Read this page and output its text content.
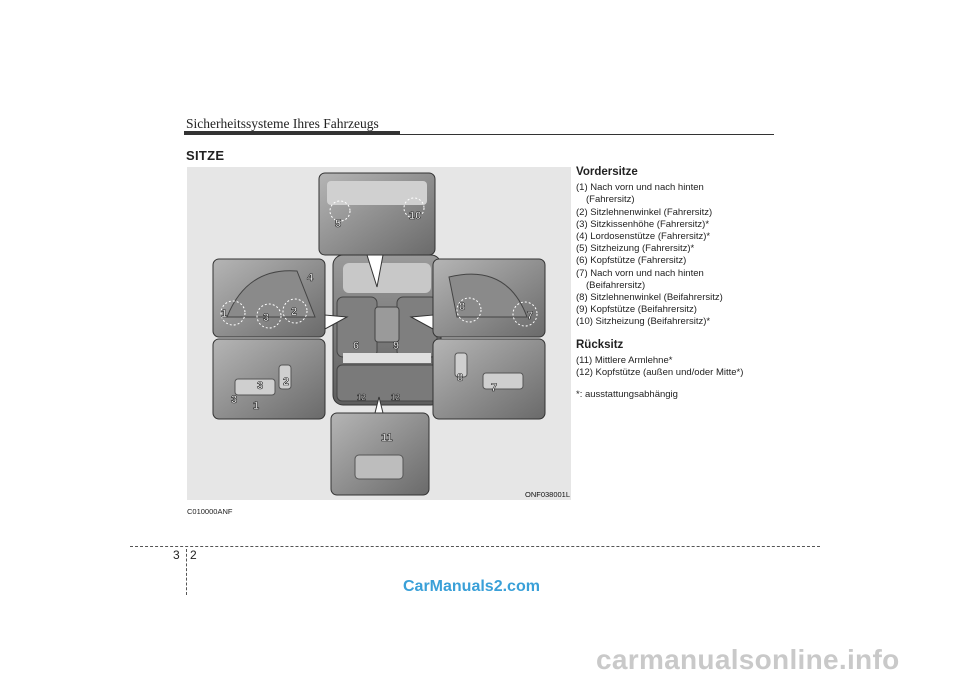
Sicherheitssysteme Ihres Fahrzeugs
SITZE
5
10
4
1	3 2	8
7
6	9
3 2
3 1
8
7
12	12
11
ONF038001L
C010000ANF
Vordersitze
(1) Nach vorn und nach hinten
(Fahrersitz)
(2) Sitzlehnenwinkel (Fahrersitz)
(3) Sitzkissenhöhe (Fahrersitz)*
(4) Lordosenstütze (Fahrersitz)*
(5) Sitzheizung (Fahrersitz)*
(6) Kopfstütze (Fahrersitz)
(7) Nach vorn und nach hinten
(Beifahrersitz)
(8) Sitzlehnenwinkel (Beifahrersitz)
(9) Kopfstütze (Beifahrersitz)
(10) Sitzheizung (Beifahrersitz)*
Rücksitz
(11) Mittlere Armlehne*
(12) Kopfstütze (außen und/oder Mitte*)
*: ausstattungsabhängig
3 2
CarManuals2.com
carmanualsonline.info
